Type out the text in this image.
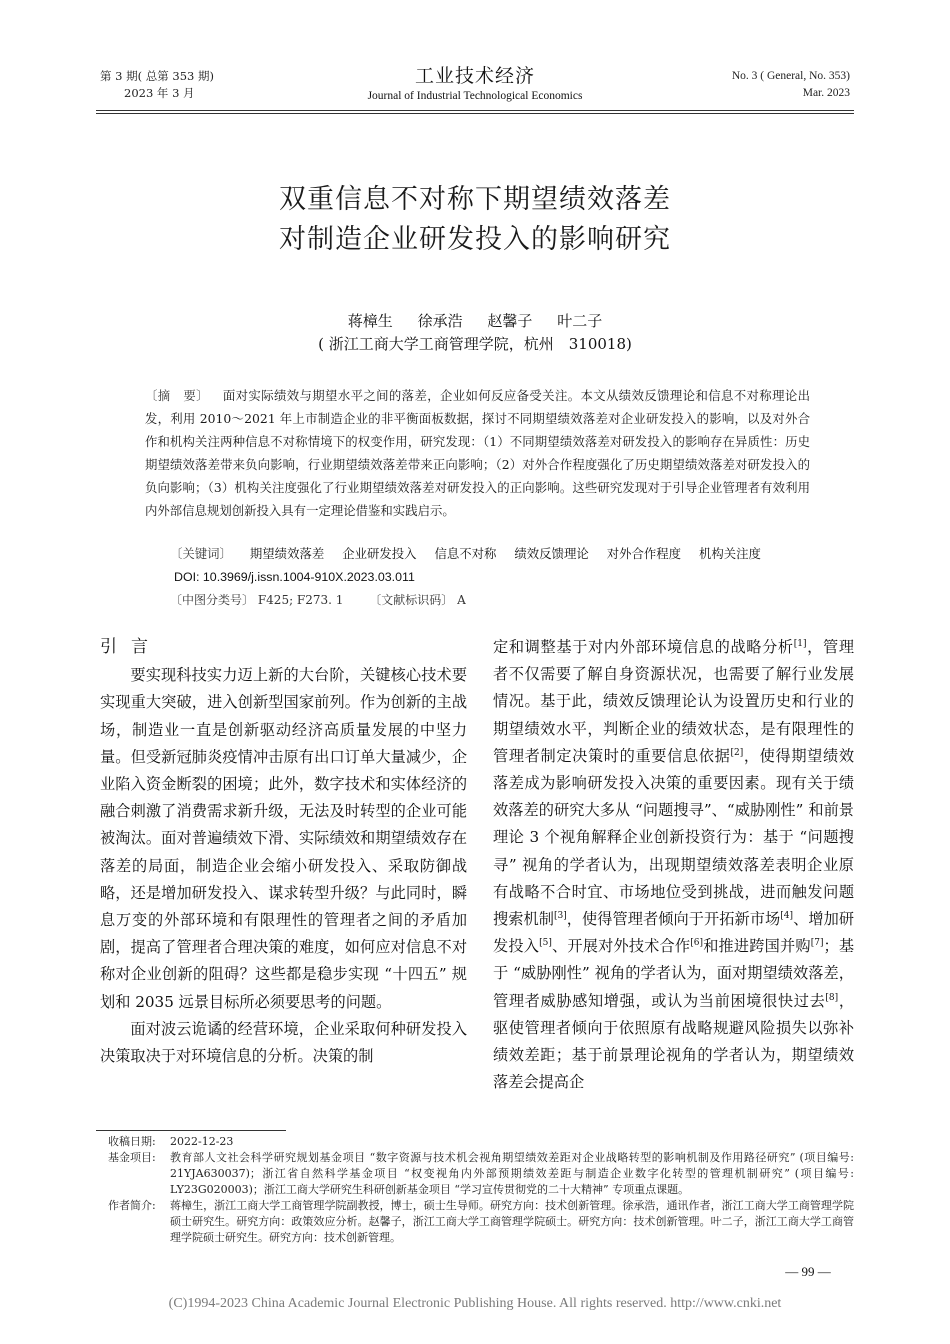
第 3 期( 总第 353 期)
2023 年 3 月
工业技术经济
Journal of Industrial Technological Economics
No. 3 ( General, No. 353)
Mar. 2023
双重信息不对称下期望绩效落差
对制造企业研发投入的影响研究
蒋樟生 徐承浩 赵馨子 叶二子
( 浙江工商大学工商管理学院，杭州　310018)
〔摘　要〕 面对实际绩效与期望水平之间的落差，企业如何反应备受关注。本文从绩效反馈理论和信息不对称理论出发，利用 2010～2021 年上市制造企业的非平衡面板数据，探讨不同期望绩效落差对企业研发投入的影响，以及对外合作和机构关注两种信息不对称情境下的权变作用，研究发现：（1）不同期望绩效落差对研发投入的影响存在异质性：历史期望绩效落差带来负向影响，行业期望绩效落差带来正向影响；（2）对外合作程度强化了历史期望绩效落差对研发投入的负向影响；（3）机构关注度强化了行业期望绩效落差对研发投入的正向影响。这些研究发现对于引导企业管理者有效利用内外部信息规划创新投入具有一定理论借鉴和实践启示。
〔关键词〕 期望绩效落差 企业研发投入 信息不对称 绩效反馈理论 对外合作程度 机构关注度
DOI: 10.3969/j.issn.1004-910X.2023.03.011
〔中图分类号〕 F425; F273. 1 〔文献标识码〕 A
引言

要实现科技实力迈上新的大台阶，关键核心技术要实现重大突破，进入创新型国家前列。作为创新的主战场，制造业一直是创新驱动经济高质量发展的中坚力量。但受新冠肺炎疫情冲击原有出口订单大量减少，企业陷入资金断裂的困境；此外，数字技术和实体经济的融合刺激了消费需求新升级，无法及时转型的企业可能被淘汰。面对普遍绩效下滑、实际绩效和期望绩效存在落差的局面，制造企业会缩小研发投入、采取防御战略，还是增加研发投入、谋求转型升级？与此同时，瞬息万变的外部环境和有限理性的管理者之间的矛盾加剧，提高了管理者合理决策的难度，如何应对信息不对称对企业创新的阻碍？这些都是稳步实现 “十四五” 规划和 2035 远景目标所必须要思考的问题。

面对波云诡谲的经营环境，企业采取何种研发投入决策取决于对环境信息的分析。决策的制

定和调整基于对内外部环境信息的战略分析[1]，管理者不仅需要了解自身资源状况，也需要了解行业发展情况。基于此，绩效反馈理论认为设置历史和行业的期望绩效水平，判断企业的绩效状态，是有限理性的管理者制定决策时的重要信息依据[2]，使得期望绩效落差成为影响研发投入决策的重要因素。现有关于绩效落差的研究大多从 “问题搜寻”、“威胁刚性” 和前景理论 3 个视角解释企业创新投资行为：基于 “问题搜寻” 视角的学者认为，出现期望绩效落差表明企业原有战略不合时宜、市场地位受到挑战，进而触发问题搜索机制[3]，使得管理者倾向于开拓新市场[4]、增加研发投入[5]、开展对外技术合作[6]和推进跨国并购[7]；基于 “威胁刚性” 视角的学者认为，面对期望绩效落差，管理者威胁感知增强，或认为当前困境很快过去[8]，驱使管理者倾向于依照原有战略规避风险损失以弥补绩效差距；基于前景理论视角的学者认为，期望绩效落差会提高企

收稿日期:	2022-12-23
基金项目:	教育部人文社会科学研究规划基金项目 “数字资源与技术机会视角期望绩效差距对企业战略转型的影响机制及作用路径研究” (项目编号: 21YJA630037)；浙江省自然科学基金项目 “权变视角内外部预期绩效差距与制造企业数字化转型的管理机制研究” (项目编号: LY23G020003)；浙江工商大学研究生科研创新基金项目 “学习宣传贯彻党的二十大精神” 专项重点课题。
作者简介:	蒋樟生，浙江工商大学工商管理学院副教授，博士，硕士生导师。研究方向：技术创新管理。徐承浩，通讯作者，浙江工商大学工商管理学院硕士研究生。研究方向：政策效应分析。赵馨子，浙江工商大学工商管理学院硕士。研究方向：技术创新管理。叶二子，浙江工商大学工商管理学院硕士研究生。研究方向：技术创新管理。
— 99 —
(C)1994-2023 China Academic Journal Electronic Publishing House. All rights reserved. http://www.cnki.net
